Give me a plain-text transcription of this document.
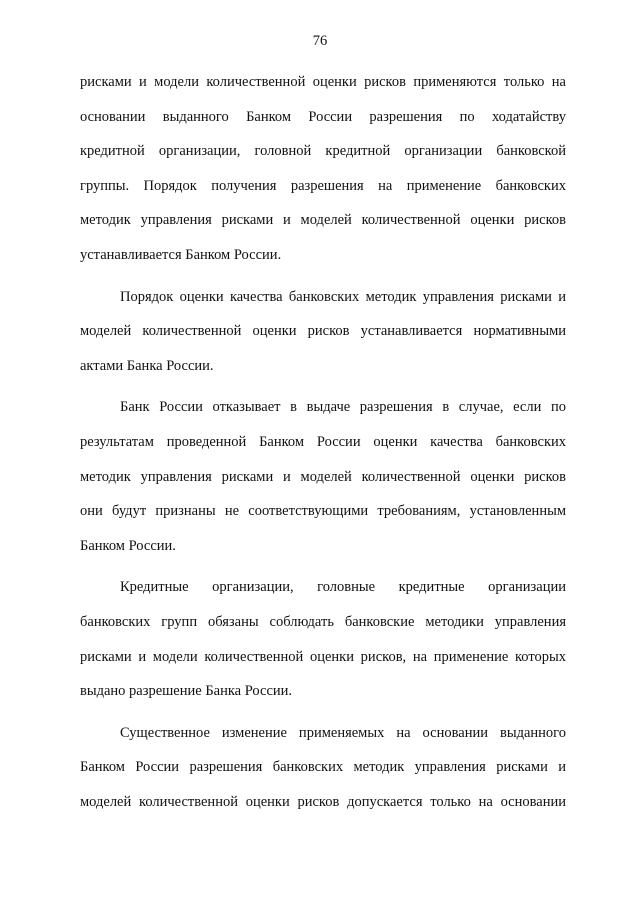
76

рисками и модели количественной оценки рисков применяются только на
основании выданного Банком России разрешения по ходатайству
кредитной организации, головной кредитной организации банковской
группы. Порядок получения разрешения на применение банковских
методик управления рисками и моделей количественной оценки рисков
устанавливается Банком России.

Порядок оценки качества банковских методик управления рисками и
моделей количественной оценки рисков устанавливается нормативными
актами Банка России.

Банк России отказывает в выдаче разрешения в случае, если по
результатам проведенной Банком России оценки качества банковских
методик управления рисками и моделей количественной оценки рисков
они будут признаны не соответствующими требованиям, установленным
Банком России.

Кредитные организации, головные кредитные организации
банковских групп обязаны соблюдать банковские методики управления
рисками и модели количественной оценки рисков, на применение которых
выдано разрешение Банка России.

Существенное изменение применяемых на основании выданного
Банком России разрешения банковских методик управления рисками и
моделей количественной оценки рисков допускается только на основании
